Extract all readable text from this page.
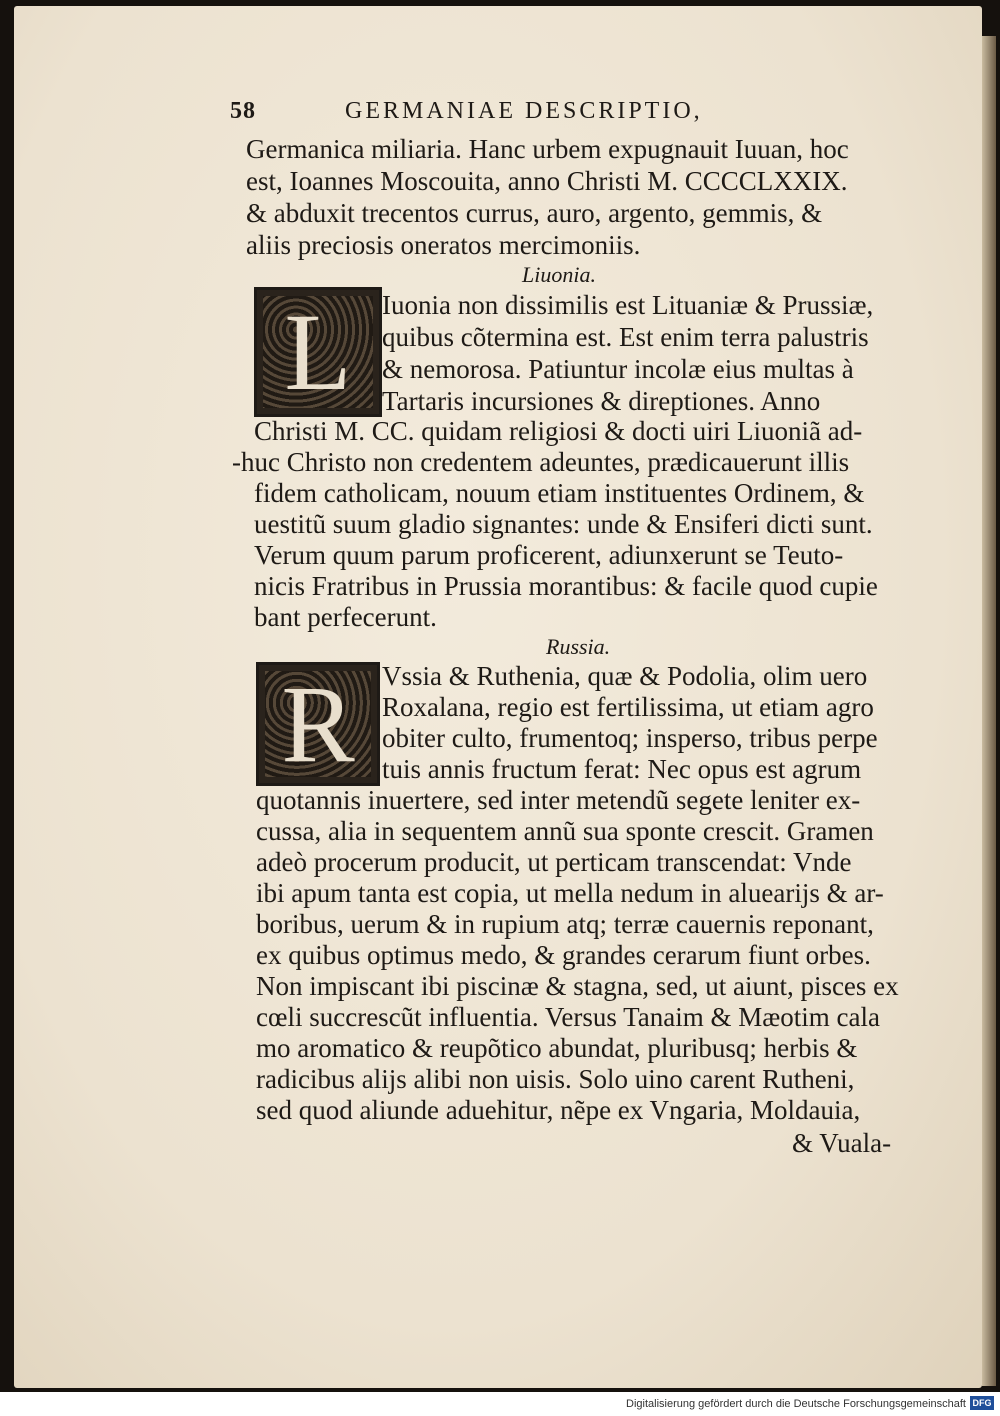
58	GERMANIAE DESCRIPTIO,
Germanica miliaria. Hanc urbem expugnauit Iuuan, hoc
est, Ioannes Moscouita, anno Christi M. CCCCLXXIX.
& abduxit trecentos currus, auro, argento, gemmis, &
aliis preciosis oneratos mercimoniis.
Liuonia.
L Iuonia non dissimilis est Lituaniæ & Prussiæ,
quibus cõtermina est. Est enim terra palustris
& nemorosa. Patiuntur incolæ eius multas à
Tartaris incursiones & direptiones. Anno
Christi M. CC. quidam religiosi & docti uiri Liuoniã ad-
-huc Christo non credentem adeuntes, prædicauerunt illis
fidem catholicam, nouum etiam instituentes Ordinem, &
uestitũ suum gladio signantes: unde & Ensiferi dicti sunt.
Verum quum parum proficerent, adiunxerunt se Teuto-
nicis Fratribus in Prussia morantibus: & facile quod cupie
bant perfecerunt.
Russia.
R Vssia & Ruthenia, quæ & Podolia, olim uero
Roxalana, regio est fertilissima, ut etiam agro
obiter culto, frumentoq; insperso, tribus perpe
tuis annis fructum ferat: Nec opus est agrum
quotannis inuertere, sed inter metendũ segete leniter ex-
cussa, alia in sequentem annũ sua sponte crescit. Gramen
adeò procerum producit, ut perticam transcendat: Vnde
ibi apum tanta est copia, ut mella nedum in aluearijs & ar-
boribus, uerum & in rupium atq; terræ cauernis reponant,
ex quibus optimus medo, & grandes cerarum fiunt orbes.
Non impiscant ibi piscinæ & stagna, sed, ut aiunt, pisces ex
cœli succrescũt influentia. Versus Tanaim & Mæotim cala
mo aromatico & reupõtico abundat, pluribusq; herbis &
radicibus alijs alibi non uisis. Solo uino carent Rutheni,
sed quod aliunde aduehitur, nẽpe ex Vngaria, Moldauia,
& Vuala-
Digitalisierung gefördert durch die Deutsche Forschungsgemeinschaft DFG
